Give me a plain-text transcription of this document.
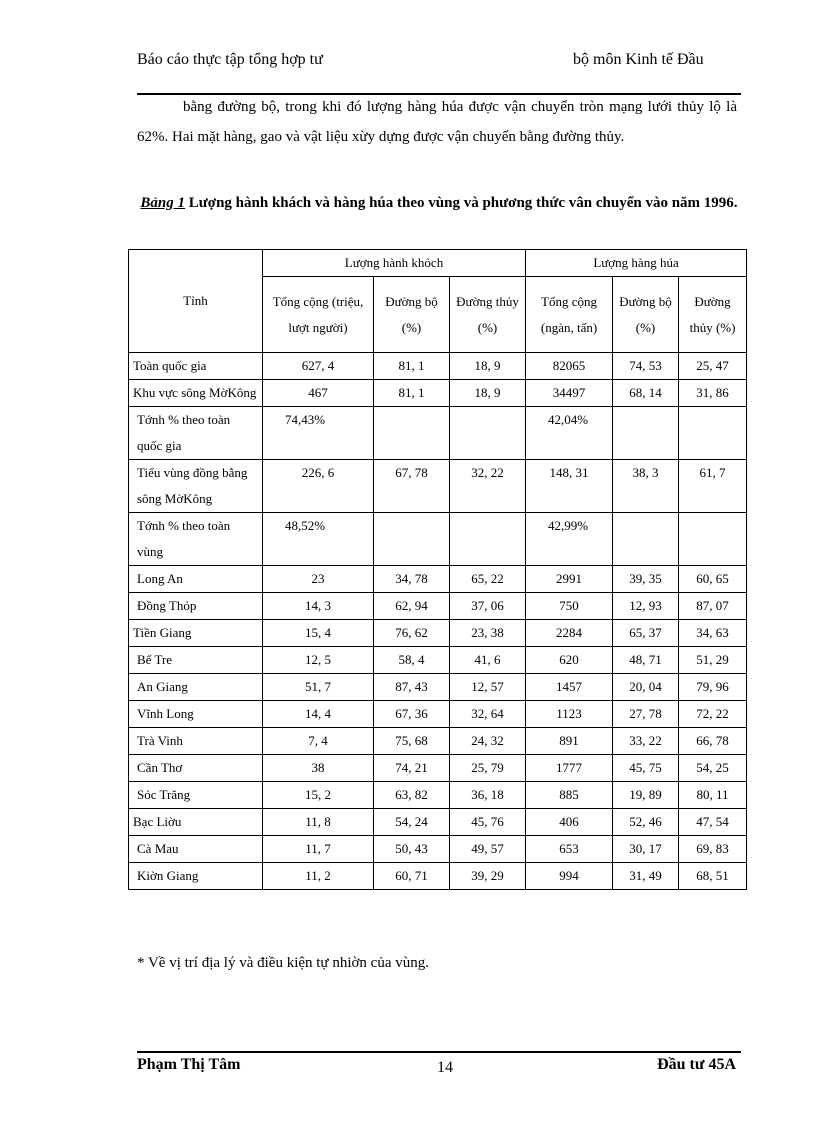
Báo cáo thực tập tổng hợp tư	bộ môn Kinh tế Đầu
bằng đường bộ, trong khi đó lượng hàng húa được vận chuyển tròn mạng lưới thủy lộ là 62%. Hai mặt hàng, gao và vật liệu xừy dựng được vận chuyển bằng đường thủy.
Bảng 1 Lượng hành khách và hàng húa theo vùng và phương thức vân chuyển vào năm 1996.
Tỉnh	Lượng hành khỏch			Lượng hàng húa		
	Tổng cộng (triệu, lượt người)	Đường bộ (%)	Đường thủy (%)	Tổng cộng (ngàn, tấn)	Đường bộ (%)	Đường thủy (%)
Toàn quốc gia	627, 4	81, 1	18, 9	82065	74, 53	25, 47
Khu vực sông MờKông	467	81, 1	18, 9	34497	68, 14	31, 86
Tớnh % theo toàn quốc gia	74,43%			42,04%		
Tiểu vùng đồng bằng sông MờKông	226, 6	67, 78	32, 22	148, 31	38, 3	61, 7
Tớnh % theo toàn vùng	48,52%			42,99%		
Long An	23	34, 78	65, 22	2991	39, 35	60, 65
Đồng Thỏp	14, 3	62, 94	37, 06	750	12, 93	87, 07
Tiền Giang	15, 4	76, 62	23, 38	2284	65, 37	34, 63
Bế Tre	12, 5	58, 4	41, 6	620	48, 71	51, 29
An Giang	51, 7	87, 43	12, 57	1457	20, 04	79, 96
Vĩnh Long	14, 4	67, 36	32, 64	1123	27, 78	72, 22
Trà Vinh	7, 4	75, 68	24, 32	891	33, 22	66, 78
Cần Thơ	38	74, 21	25, 79	1777	45, 75	54, 25
Sóc Trăng	15, 2	63, 82	36, 18	885	19, 89	80, 11
Bạc Liờu	11, 8	54, 24	45, 76	406	52, 46	47, 54
Cà Mau	11, 7	50, 43	49, 57	653	30, 17	69, 83
Kiờn Giang	11, 2	60, 71	39, 29	994	31, 49	68, 51
* Về vị trí địa lý và điều kiện tự nhiờn của vùng.
Phạm Thị Tâm	14	Đầu tư 45A
